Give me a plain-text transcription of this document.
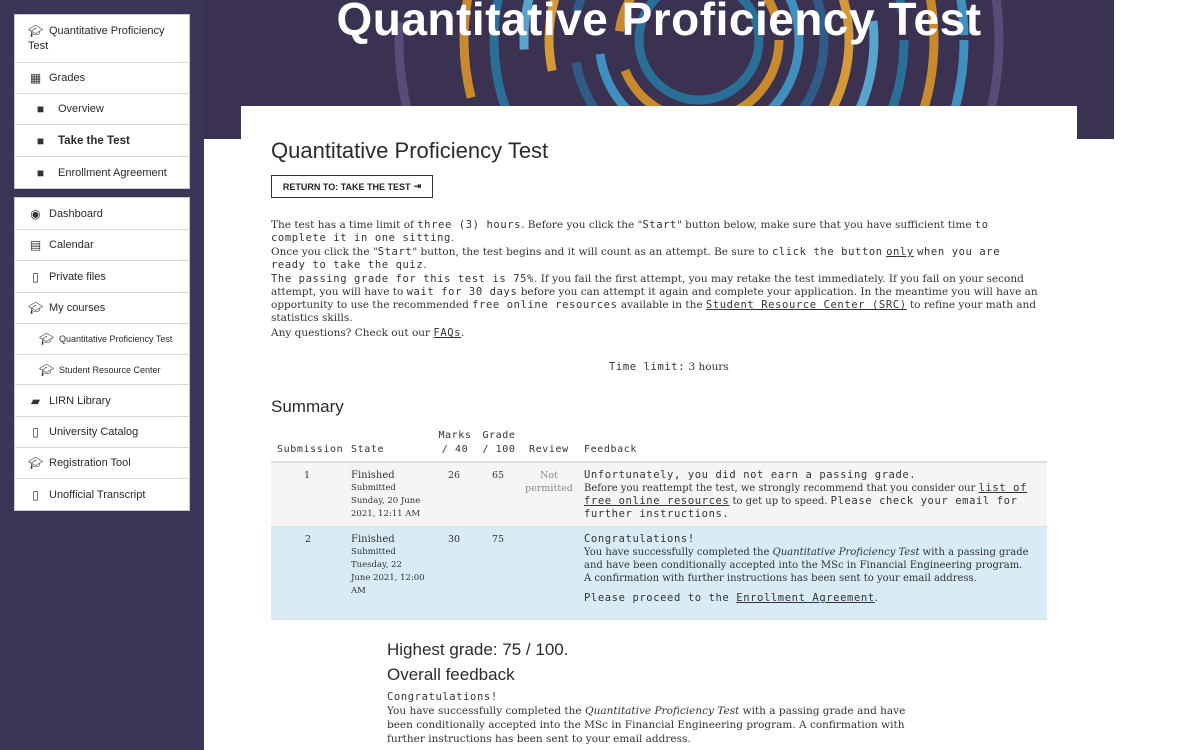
Quantitative Proficiency Test
🎓︎ Quantitative Proficiency Test
▦ Grades
■	Overview
■	Take the Test
■	Enrollment Agreement
◉ Dashboard
▤ Calendar
▯ Private files
🎓︎ My courses
🎓︎ Quantitative Proficiency Test
🎓︎ Student Resource Center
▰ LIRN Library
▯ University Catalog
🎓︎ Registration Tool
▯ Unofficial Transcript
Quantitative Proficiency Test
RETURN TO: TAKE THE TEST ⇥
The test has a time limit of three (3) hours. Before you click the "Start" button below, make sure that you have sufficient time to complete it in one sitting.
Once you click the "Start" button, the test begins and it will count as an attempt. Be sure to click the button only when you are ready to take the quiz.
The passing grade for this test is 75%. If you fail the first attempt, you may retake the test immediately. If you fail on your second attempt, you will have to wait for 30 days before you can attempt it again and complete your application. In the meantime you will have an opportunity to use the recommended free online resources available in the Student Resource Center (SRC) to refine your math and statistics skills.
Any questions? Check out our FAQs.
Time limit: 3 hours
Summary
Submission State
Marks
/ 40
Grade
/ 100 Review Feedback
1	Finished
Submitted
Sunday, 20 June
2021, 12:11 AM
26	65	Not
permitted
Unfortunately, you did not earn a passing grade.
Before you reattempt the test, we strongly recommend that you consider our list of free online resources to get up to speed. Please check your email for further instructions.
2	Finished
Submitted
Tuesday, 22
June 2021, 12:00
AM
30	75	Congratulations!
You have successfully completed the Quantitative Proficiency Test with a passing grade and have been conditionally accepted into the MSc in Financial Engineering program. A confirmation with further instructions has been sent to your email address.
Please proceed to the Enrollment Agreement.
Highest grade: 75 / 100.
Overall feedback
Congratulations!
You have successfully completed the Quantitative Proficiency Test with a passing grade and have been conditionally accepted into the MSc in Financial Engineering program. A confirmation with further instructions has been sent to your email address.
